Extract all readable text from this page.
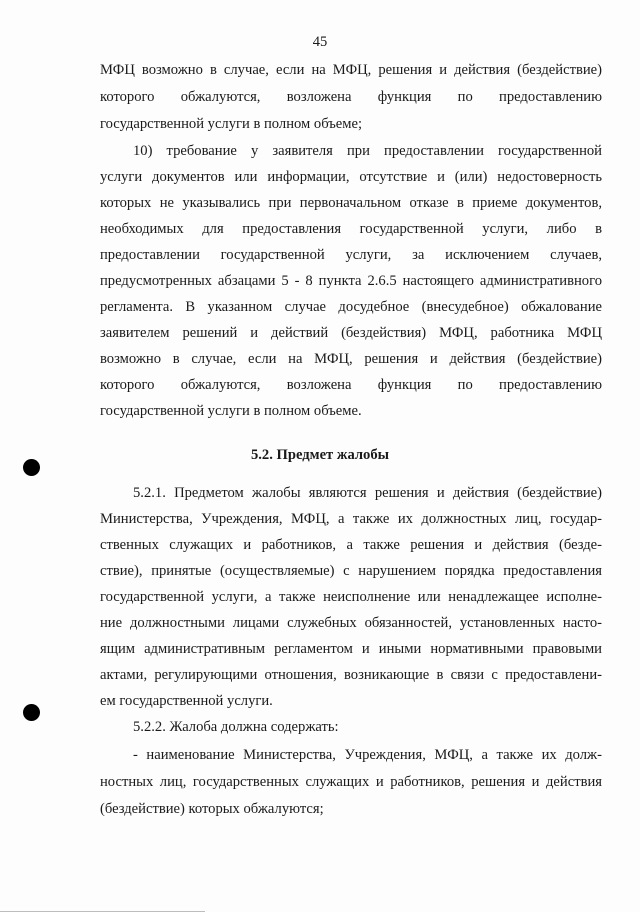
45
МФЦ возможно в случае, если на МФЦ, решения и действия (бездействие)
которого обжалуются, возложена функция по предоставлению
государственной услуги в полном объеме;
10) требование у заявителя при предоставлении государственной
услуги документов или информации, отсутствие и (или) недостоверность
которых не указывались при первоначальном отказе в приеме документов,
необходимых для предоставления государственной услуги, либо в
предоставлении государственной услуги, за исключением случаев,
предусмотренных абзацами 5 - 8 пункта 2.6.5 настоящего административного
регламента. В указанном случае досудебное (внесудебное) обжалование
заявителем решений и действий (бездействия) МФЦ, работника МФЦ
возможно в случае, если на МФЦ, решения и действия (бездействие)
которого обжалуются, возложена функция по предоставлению
государственной услуги в полном объеме.
5.2. Предмет жалобы
5.2.1. Предметом жалобы являются решения и действия (бездействие)
Министерства, Учреждения, МФЦ, а также их должностных лиц, государ-
ственных служащих и работников, а также решения и действия (безде-
ствие), принятые (осуществляемые) с нарушением порядка предоставления
государственной услуги, а также неисполнение или ненадлежащее исполне-
ние должностными лицами служебных обязанностей, установленных насто-
ящим административным регламентом и иными нормативными правовыми
актами, регулирующими отношения, возникающие в связи с предоставлени-
ем государственной услуги.
5.2.2. Жалоба должна содержать:
- наименование Министерства, Учреждения, МФЦ, а также их долж-
ностных лиц, государственных служащих и работников, решения и действия
(бездействие) которых обжалуются;
